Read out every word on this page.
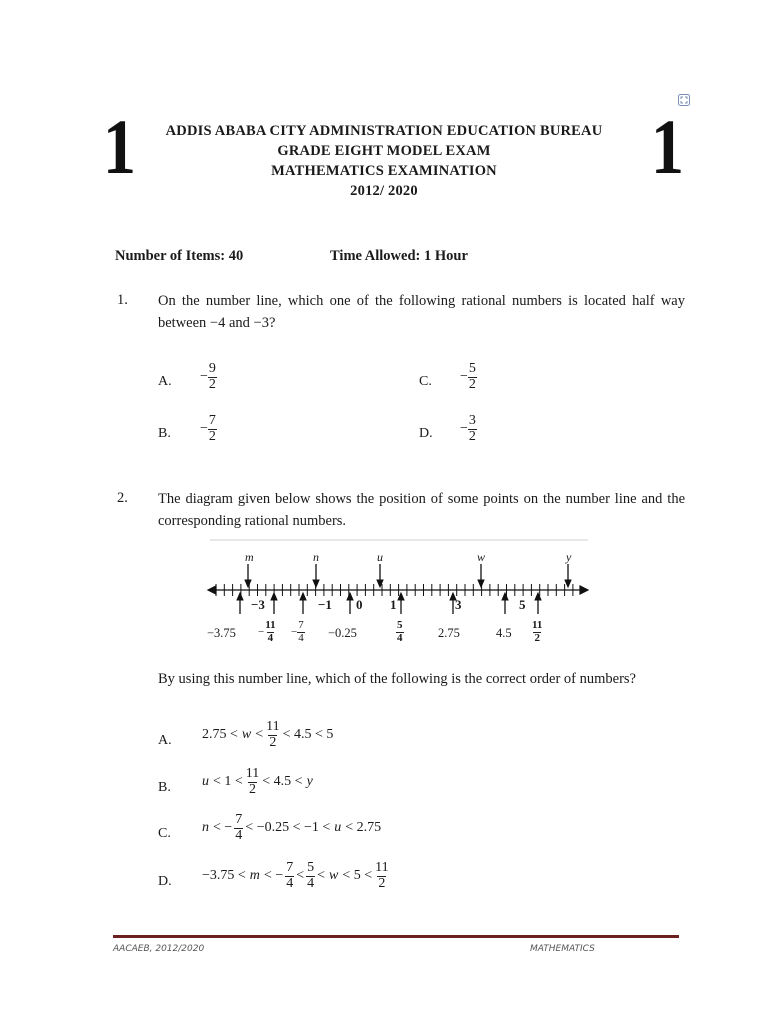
1	1
ADDIS ABABA CITY ADMINISTRATION EDUCATION BUREAU
GRADE EIGHT MODEL EXAM
MATHEMATICS EXAMINATION
2012/ 2020
Number of Items: 40	Time Allowed: 1 Hour
1. On the number line, which one of the following rational numbers is located half way between −4 and −3?
A. − $\frac{9}{2}$	C. − $\frac{5}{2}$
B. − $\frac{7}{2}$	D. − $\frac{3}{2}$
2. The diagram given below shows the position of some points on the number line and the corresponding rational numbers.
m	n	u	w	y
−3	−1 0 1	3	5
−3.75	−0.25	2.75	4.5
− $\frac{11}{4} - \frac{7}{4}$	$\frac{5}{4}$	$\frac{11}{2}$
By using this number line, which of the following is the correct order of numbers?
A. $2.75 < w < \frac{11}{2} < 4.5 < 5$
B. $u < 1 < \frac{11}{2} < 4.5 < y$
C. n < − $\frac{7}{4} < -0.25 < -1 < u < 2.75$
D. −3.75 < m < − $\frac{7}{4} < \frac{5}{4} < w < 5 < \frac{11}{2}$
AACAEB, 2012/2020	MATHEMATICS
